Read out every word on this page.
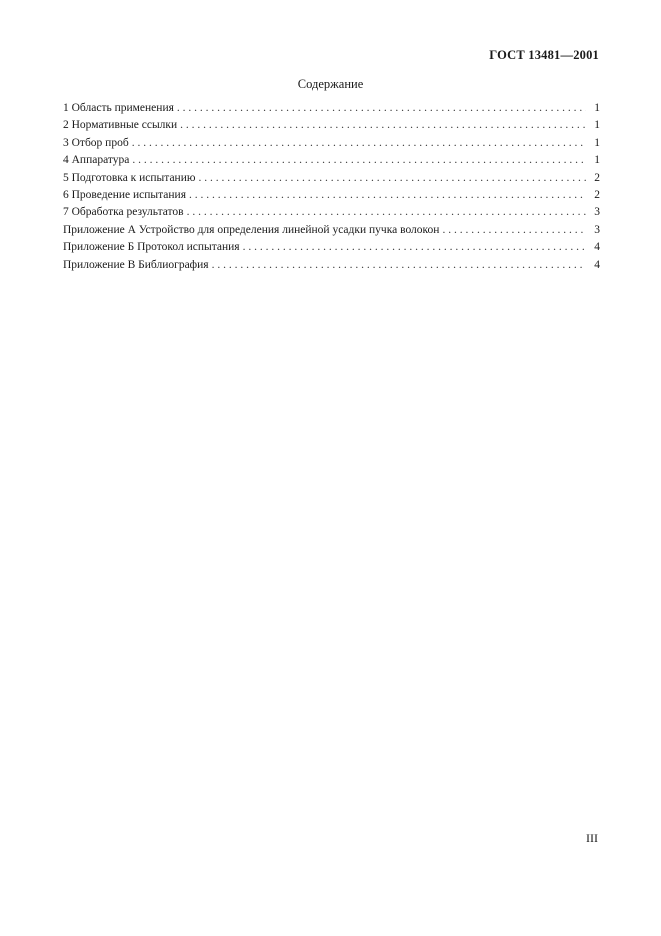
ГОСТ 13481—2001
Содержание
1 Область применения . . .	1
2 Нормативные ссылки . . .	1
3 Отбор проб . . .	1
4 Аппаратура . . .	1
5 Подготовка к испытанию . . .	2
6 Проведение испытания . . .	2
7 Обработка результатов . . .	3
Приложение А Устройство для определения линейной усадки пучка волокон . . .	3
Приложение Б Протокол испытания . . .	4
Приложение В Библиография . . .	4
III
